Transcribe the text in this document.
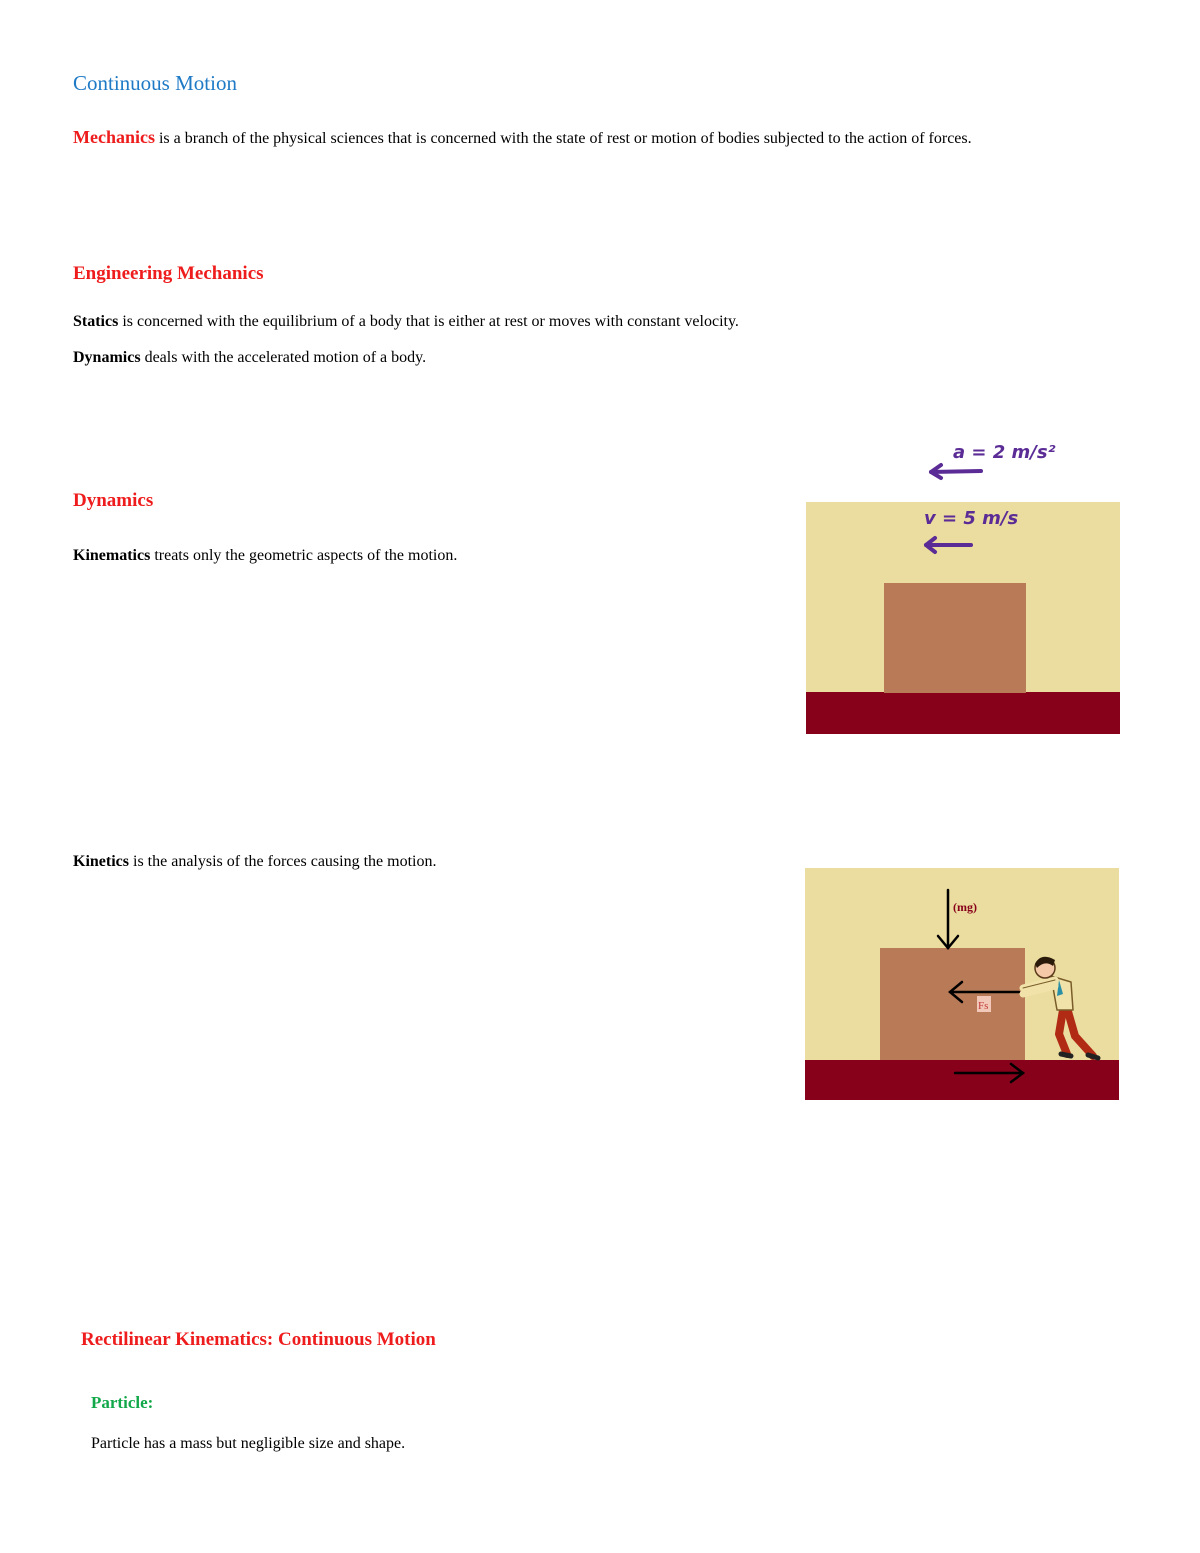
Continuous Motion
Mechanics is a branch of the physical sciences that is concerned with the state of rest or motion of bodies subjected to the action of forces.
Engineering Mechanics
Statics is concerned with the equilibrium of a body that is either at rest or moves with constant velocity.
Dynamics deals with the accelerated motion of a body.
Dynamics
Kinematics treats only the geometric aspects of the motion.
a = 2 m/s²
v = 5 m/s
Kinetics is the analysis of the forces causing the motion.
(mg)
Fs
Rectilinear Kinematics: Continuous Motion
Particle:
Particle has a mass but negligible size and shape.
